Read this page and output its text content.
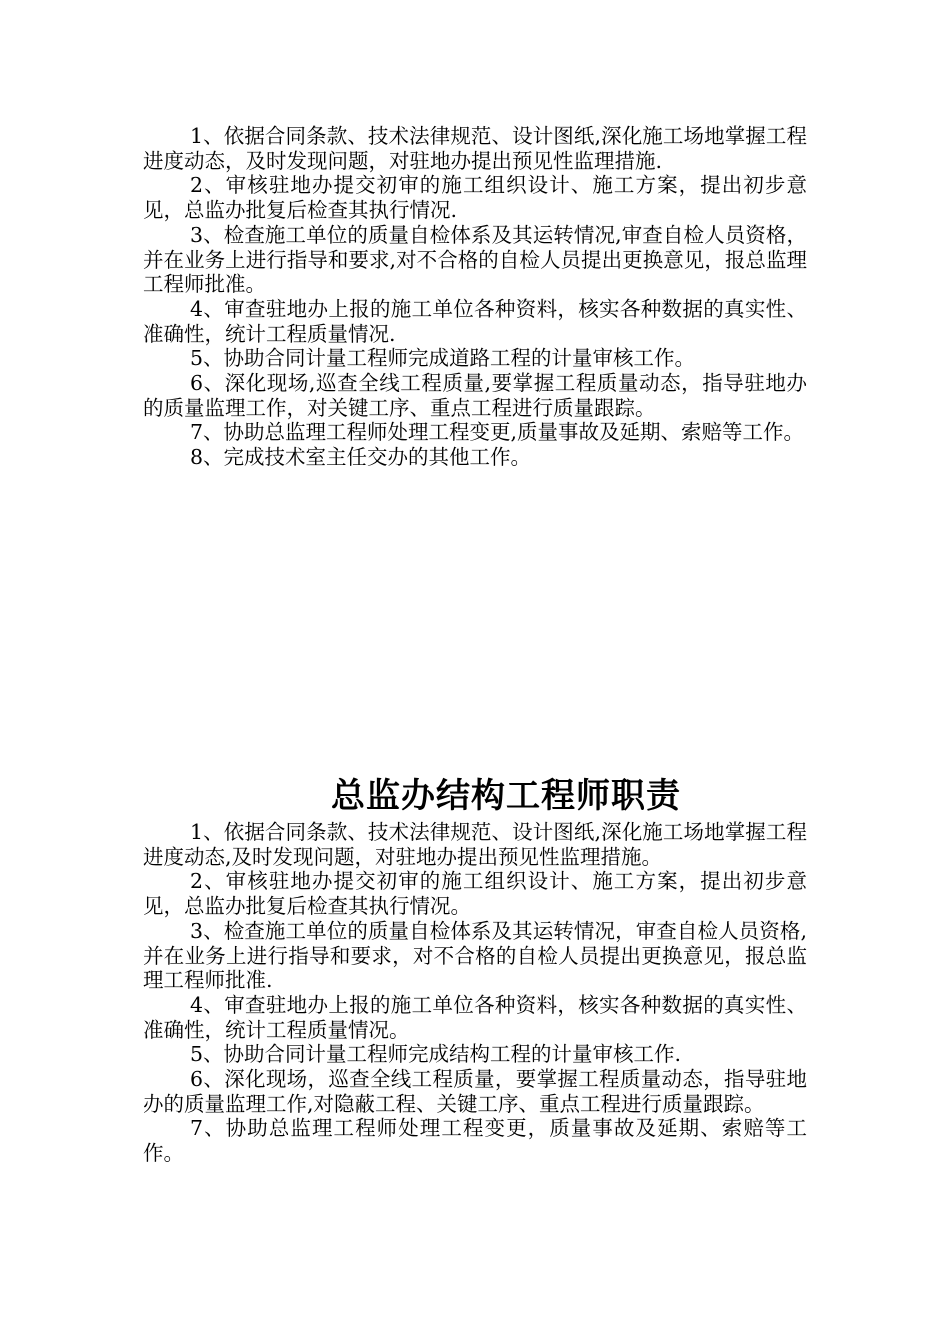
1、依据合同条款、技术法律规范、设计图纸,深化施工场地掌握工程进度动态，及时发现问题，对驻地办提出预见性监理措施.

2、审核驻地办提交初审的施工组织设计、施工方案，提出初步意见，总监办批复后检查其执行情况.

3、检查施工单位的质量自检体系及其运转情况,审查自检人员资格，并在业务上进行指导和要求,对不合格的自检人员提出更换意见，报总监理工程师批准。

4、审查驻地办上报的施工单位各种资料，核实各种数据的真实性、准确性，统计工程质量情况.

5、协助合同计量工程师完成道路工程的计量审核工作。

6、深化现场,巡查全线工程质量,要掌握工程质量动态，指导驻地办的质量监理工作，对关键工序、重点工程进行质量跟踪。

7、协助总监理工程师处理工程变更,质量事故及延期、索赔等工作。

8、完成技术室主任交办的其他工作。

总监办结构工程师职责

1、依据合同条款、技术法律规范、设计图纸,深化施工场地掌握工程进度动态,及时发现问题，对驻地办提出预见性监理措施。

2、审核驻地办提交初审的施工组织设计、施工方案，提出初步意见，总监办批复后检查其执行情况。

3、检查施工单位的质量自检体系及其运转情况，审查自检人员资格,并在业务上进行指导和要求，对不合格的自检人员提出更换意见，报总监理工程师批准.

4、审查驻地办上报的施工单位各种资料，核实各种数据的真实性、准确性，统计工程质量情况。

5、协助合同计量工程师完成结构工程的计量审核工作.

6、深化现场，巡查全线工程质量，要掌握工程质量动态，指导驻地办的质量监理工作,对隐蔽工程、关键工序、重点工程进行质量跟踪。

7、协助总监理工程师处理工程变更，质量事故及延期、索赔等工作。
